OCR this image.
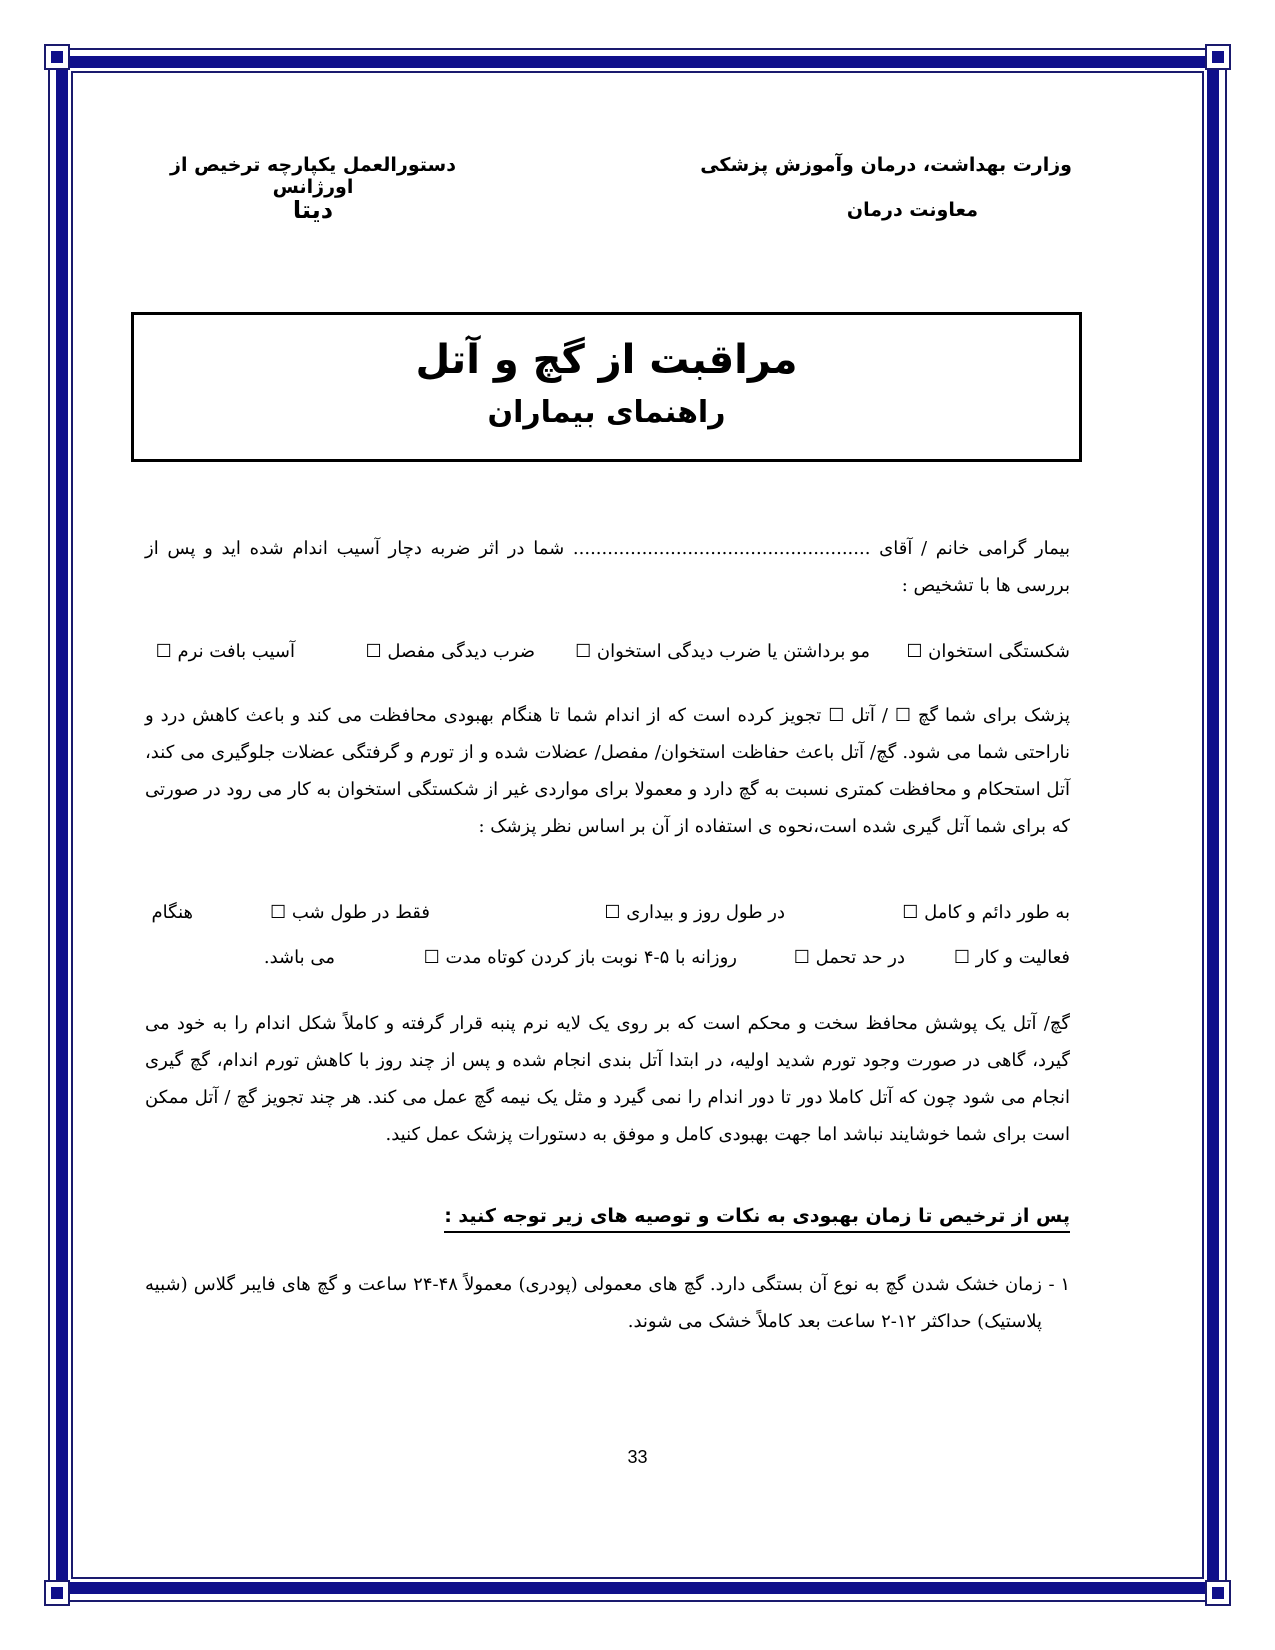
وزارت بهداشت، درمان وآموزش پزشکی
معاونت درمان
دستورالعمل یکپارچه ترخیص از اورژانس
دیتا
مراقبت از گچ و آتل
راهنمای بیماران
بیمار گرامی خانم / آقای .................................................... شما در اثر ضربه دچار آسیب اندام شده اید و پس از بررسی ها با تشخیص :
شکستگی استخوان ☐
مو برداشتن یا ضرب دیدگی استخوان ☐
ضرب دیدگی مفصل ☐
آسیب بافت نرم ☐
پزشک برای شما گچ ☐ / آتل ☐ تجویز کرده است که از اندام شما تا هنگام بهبودی محافظت می کند و باعث کاهش درد و ناراحتی شما می شود. گچ/ آتل باعث حفاظت استخوان/ مفصل/ عضلات شده و از تورم و گرفتگی عضلات جلوگیری می کند، آتل استحکام و محافظت کمتری نسبت به گچ دارد و معمولا برای مواردی غیر از شکستگی استخوان به کار می رود در صورتی که برای شما آتل گیری شده است،نحوه ی استفاده از آن بر اساس نظر پزشک :
به طور دائم و کامل ☐
در طول روز و بیداری ☐
فقط در طول شب ☐
هنگام
فعالیت و کار ☐
در حد تحمل ☐
روزانه با ۵-۴ نوبت باز کردن کوتاه مدت ☐
می باشد.
گچ/ آتل یک پوشش محافظ سخت و محکم است که بر روی یک لایه نرم پنبه قرار گرفته و کاملاً شکل اندام را به خود می گیرد، گاهی در صورت وجود تورم شدید اولیه، در ابتدا آتل بندی انجام شده و پس از چند روز با کاهش تورم اندام، گچ گیری انجام می شود چون که آتل کاملا دور تا دور اندام را نمی گیرد و مثل یک نیمه گچ عمل می کند. هر چند تجویز گچ / آتل ممکن است برای شما خوشایند نباشد اما جهت بهبودی کامل و موفق به دستورات پزشک عمل کنید.
پس از ترخیص تا زمان بهبودی به نکات و توصیه های زیر توجه کنید :
۱ -
زمان خشک شدن گچ به نوع آن بستگی دارد. گچ های معمولی (پودری) معمولاً ۴۸-۲۴ ساعت و گچ های فایبر گلاس (شبیه پلاستیک) حداکثر ۱۲-۲ ساعت بعد کاملاً خشک می شوند.
33
